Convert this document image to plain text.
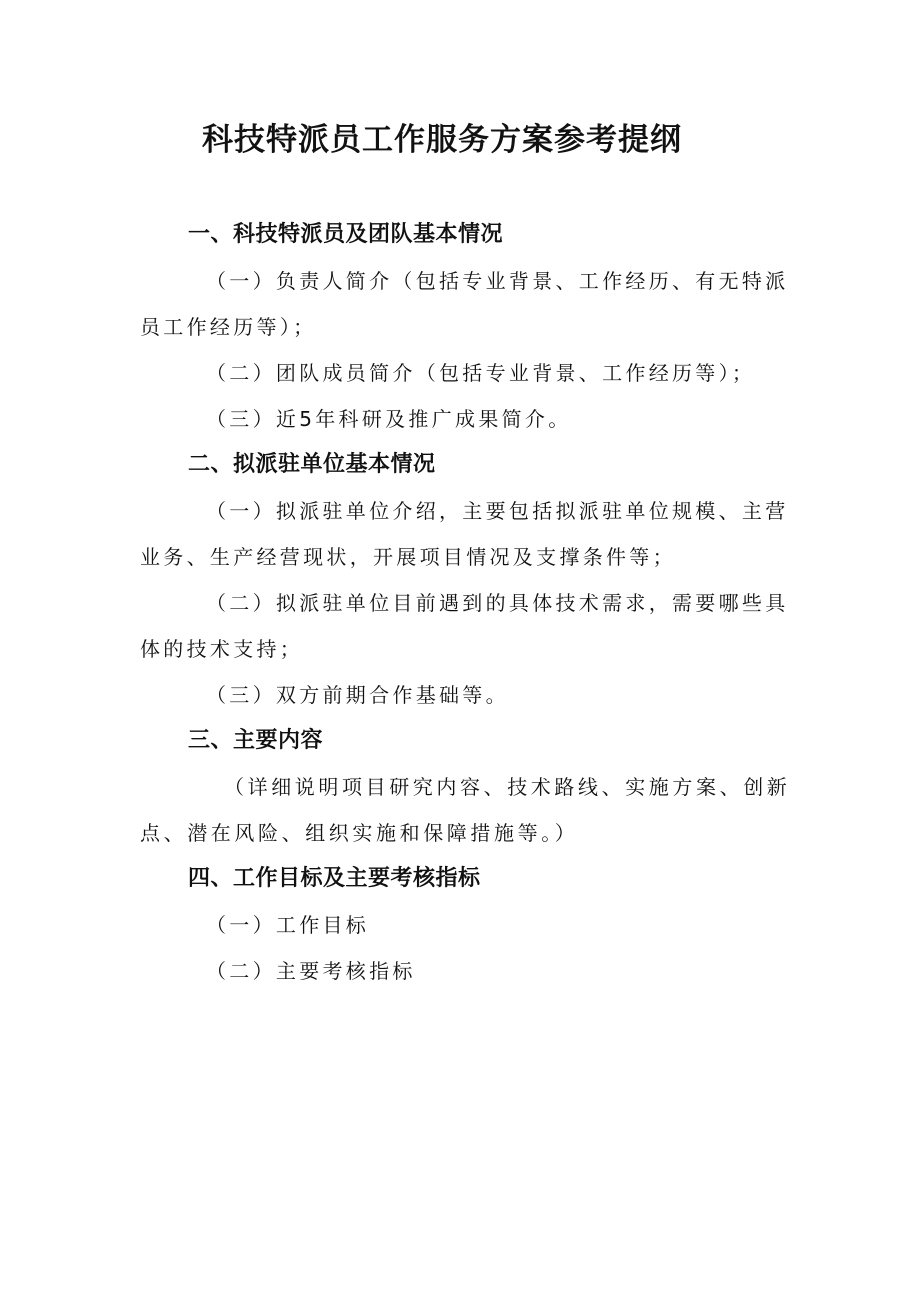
科技特派员工作服务方案参考提纲

一、科技特派员及团队基本情况

（一）负责人简介（包括专业背景、工作经历、有无特派员工作经历等）；

（二）团队成员简介（包括专业背景、工作经历等）；

（三）近5年科研及推广成果简介。

二、拟派驻单位基本情况

（一）拟派驻单位介绍，主要包括拟派驻单位规模、主营业务、生产经营现状，开展项目情况及支撑条件等；

（二）拟派驻单位目前遇到的具体技术需求，需要哪些具体的技术支持；

（三）双方前期合作基础等。

三、主要内容

（详细说明项目研究内容、技术路线、实施方案、创新点、潜在风险、组织实施和保障措施等。）

四、工作目标及主要考核指标

（一）工作目标

（二）主要考核指标
